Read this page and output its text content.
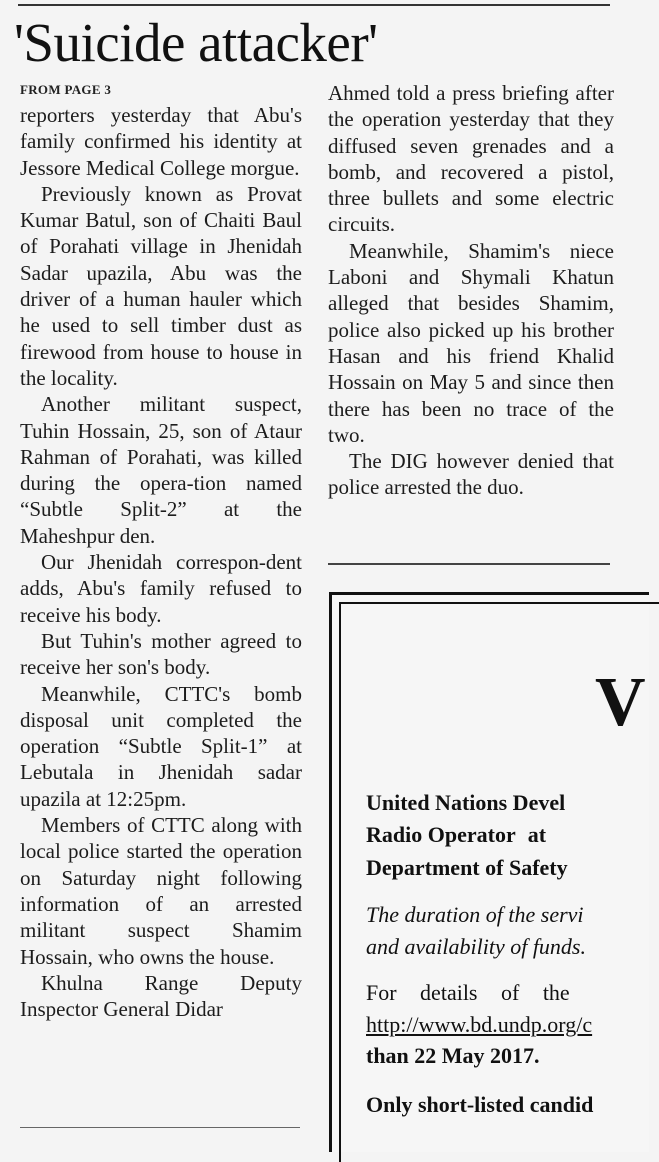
'Suicide attacker'
FROM PAGE 3

reporters yesterday that Abu's family confirmed his identity at Jessore Medical College morgue.

Previously known as Provat Kumar Batul, son of Chaiti Baul of Porahati village in Jhenidah Sadar upazila, Abu was the driver of a human hauler which he used to sell timber dust as firewood from house to house in the locality.

Another militant suspect, Tuhin Hossain, 25, son of Ataur Rahman of Porahati, was killed during the opera-tion named “Subtle Split-2” at the Maheshpur den.

Our Jhenidah correspon-dent adds, Abu's family refused to receive his body.

But Tuhin's mother agreed to receive her son's body.

Meanwhile, CTTC's bomb disposal unit completed the operation “Subtle Split-1” at Lebutala in Jhenidah sadar upazila at 12:25pm.

Members of CTTC along with local police started the operation on Saturday night following information of an arrested militant suspect Shamim Hossain, who owns the house.

Khulna Range Deputy Inspector General Didar

Ahmed told a press briefing after the operation yesterday that they diffused seven grenades and a bomb, and recovered a pistol, three bullets and some electric circuits.

Meanwhile, Shamim's niece Laboni and Shymali Khatun alleged that besides Shamim, police also picked up his brother Hasan and his friend Khalid Hossain on May 5 and since then there has been no trace of the two.

The DIG however denied that police arrested the duo.

V
United Nations Devel
Radio Operator at
Department of Safety
The duration of the servi
and availability of funds.
For details of the
http://www.bd.undp.org/c
than 22 May 2017.
Only short-listed candid
